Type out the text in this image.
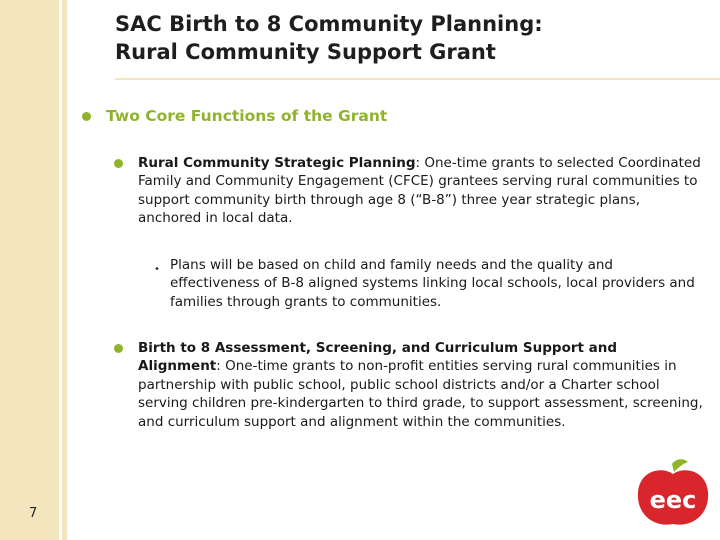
SAC Birth to 8 Community Planning:
Rural Community Support Grant
Two Core Functions of the Grant
Rural Community Strategic Planning: One-time grants to selected Coordinated Family and Community Engagement (CFCE) grantees serving rural communities to support community birth through age 8 (“B-8”) three year strategic plans, anchored in local data.
• Plans will be based on child and family needs and the quality and effectiveness of B-8 aligned systems linking local schools, local providers and families through grants to communities.
Birth to 8 Assessment, Screening, and Curriculum Support and Alignment: One-time grants to non-profit entities serving rural communities in partnership with public school, public school districts and/or a Charter school serving children pre-kindergarten to third grade, to support assessment, screening, and curriculum support and alignment within the communities.
7	eec
